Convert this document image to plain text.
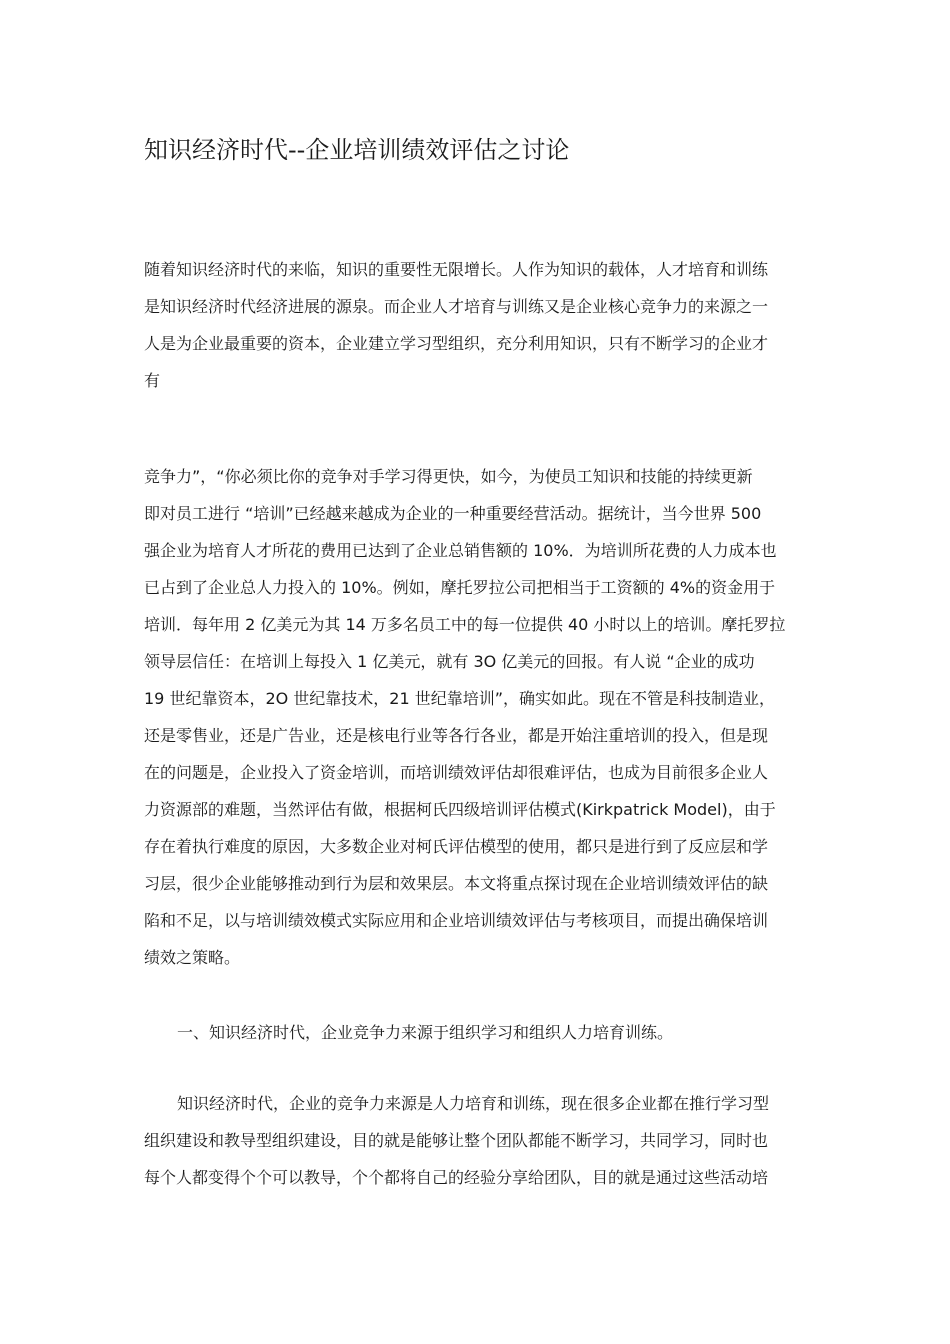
知识经济时代--企业培训绩效评估之讨论
随着知识经济时代的来临，知识的重要性无限增长。人作为知识的载体，人才培育和训练
是知识经济时代经济进展的源泉。而企业人才培育与训练又是企业核心竞争力的来源之一
人是为企业最重要的资本，企业建立学习型组织，充分利用知识，只有不断学习的企业才
有
竞争力”，“你必须比你的竞争对手学习得更快，如今，为使员工知识和技能的持续更新
即对员工进行 “培训”已经越来越成为企业的一种重要经营活动。据统计，当今世界 500
强企业为培育人才所花的费用已达到了企业总销售额的 10%．为培训所花费的人力成本也
已占到了企业总人力投入的 10%。例如，摩托罗拉公司把相当于工资额的 4%的资金用于
培训．每年用 2 亿美元为其 14 万多名员工中的每一位提供 40 小时以上的培训。摩托罗拉
领导层信任：在培训上每投入 1 亿美元，就有 3O 亿美元的回报。有人说 “企业的成功
19 世纪靠资本，2O 世纪靠技术，21 世纪靠培训”，确实如此。现在不管是科技制造业，
还是零售业，还是广告业，还是核电行业等各行各业，都是开始注重培训的投入，但是现
在的问题是，企业投入了资金培训，而培训绩效评估却很难评估，也成为目前很多企业人
力资源部的难题，当然评估有做，根据柯氏四级培训评估模式(Kirkpatrick Model)，由于
存在着执行难度的原因，大多数企业对柯氏评估模型的使用，都只是进行到了反应层和学
习层，很少企业能够推动到行为层和效果层。本文将重点探讨现在企业培训绩效评估的缺
陷和不足，以与培训绩效模式实际应用和企业培训绩效评估与考核项目，而提出确保培训
绩效之策略。
一、知识经济时代，企业竞争力来源于组织学习和组织人力培育训练。
知识经济时代，企业的竞争力来源是人力培育和训练，现在很多企业都在推行学习型
组织建设和教导型组织建设，目的就是能够让整个团队都能不断学习，共同学习，同时也
每个人都变得个个可以教导，个个都将自己的经验分享给团队，目的就是通过这些活动培
